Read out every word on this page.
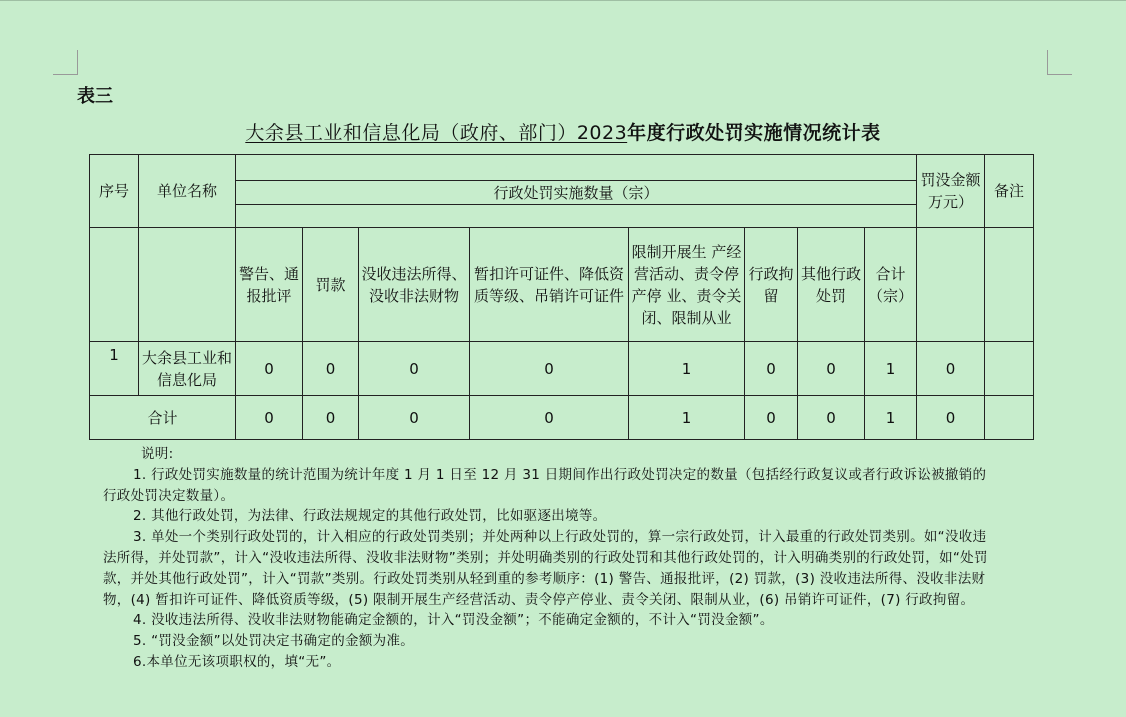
表三
大余县工业和信息化局（政府、部门）2023年度行政处罚实施情况统计表
序号	单位名称									罚没金额 万元）	备注
		行政处罚实施数量（宗）									

		警告、通报批评	罚款	没收违法所得、没收非法财物	暂扣许可证件、降低资质等级、吊销许可证件	限制开展生 产经营活动、责令停产停 业、责令关闭、限制从业	行政拘留	其他行政处罚	合计（宗）		
1	大余县工业和信息化局	0	0	0	0	1	0	0	1	0	
合计		0	0	0	0	1	0	0	1	0	

说明:

1. 行政处罚实施数量的统计范围为统计年度 1 月 1 日至 12 月 31 日期间作出行政处罚决定的数量（包括经行政复议或者行政诉讼被撤销的行政处罚决定数量）。

2. 其他行政处罚，为法律、行政法规规定的其他行政处罚，比如驱逐出境等。

3. 单处一个类别行政处罚的，计入相应的行政处罚类别；并处两种以上行政处罚的，算一宗行政处罚，计入最重的行政处罚类别。如“没收违法所得，并处罚款”，计入“没收违法所得、没收非法财物”类别；并处明确类别的行政处罚和其他行政处罚的，计入明确类别的行政处罚，如“处罚款，并处其他行政处罚”，计入“罚款”类别。行政处罚类别从轻到重的参考顺序：(1) 警告、通报批评，(2) 罚款，(3) 没收违法所得、没收非法财物，(4) 暂扣许可证件、降低资质等级，(5) 限制开展生产经营活动、责令停产停业、责令关闭、限制从业，(6) 吊销许可证件，(7) 行政拘留。

4. 没收违法所得、没收非法财物能确定金额的，计入“罚没金额”；不能确定金额的，不计入“罚没金额”。

5. “罚没金额”以处罚决定书确定的金额为准。

6.本单位无该项职权的，填“无”。
